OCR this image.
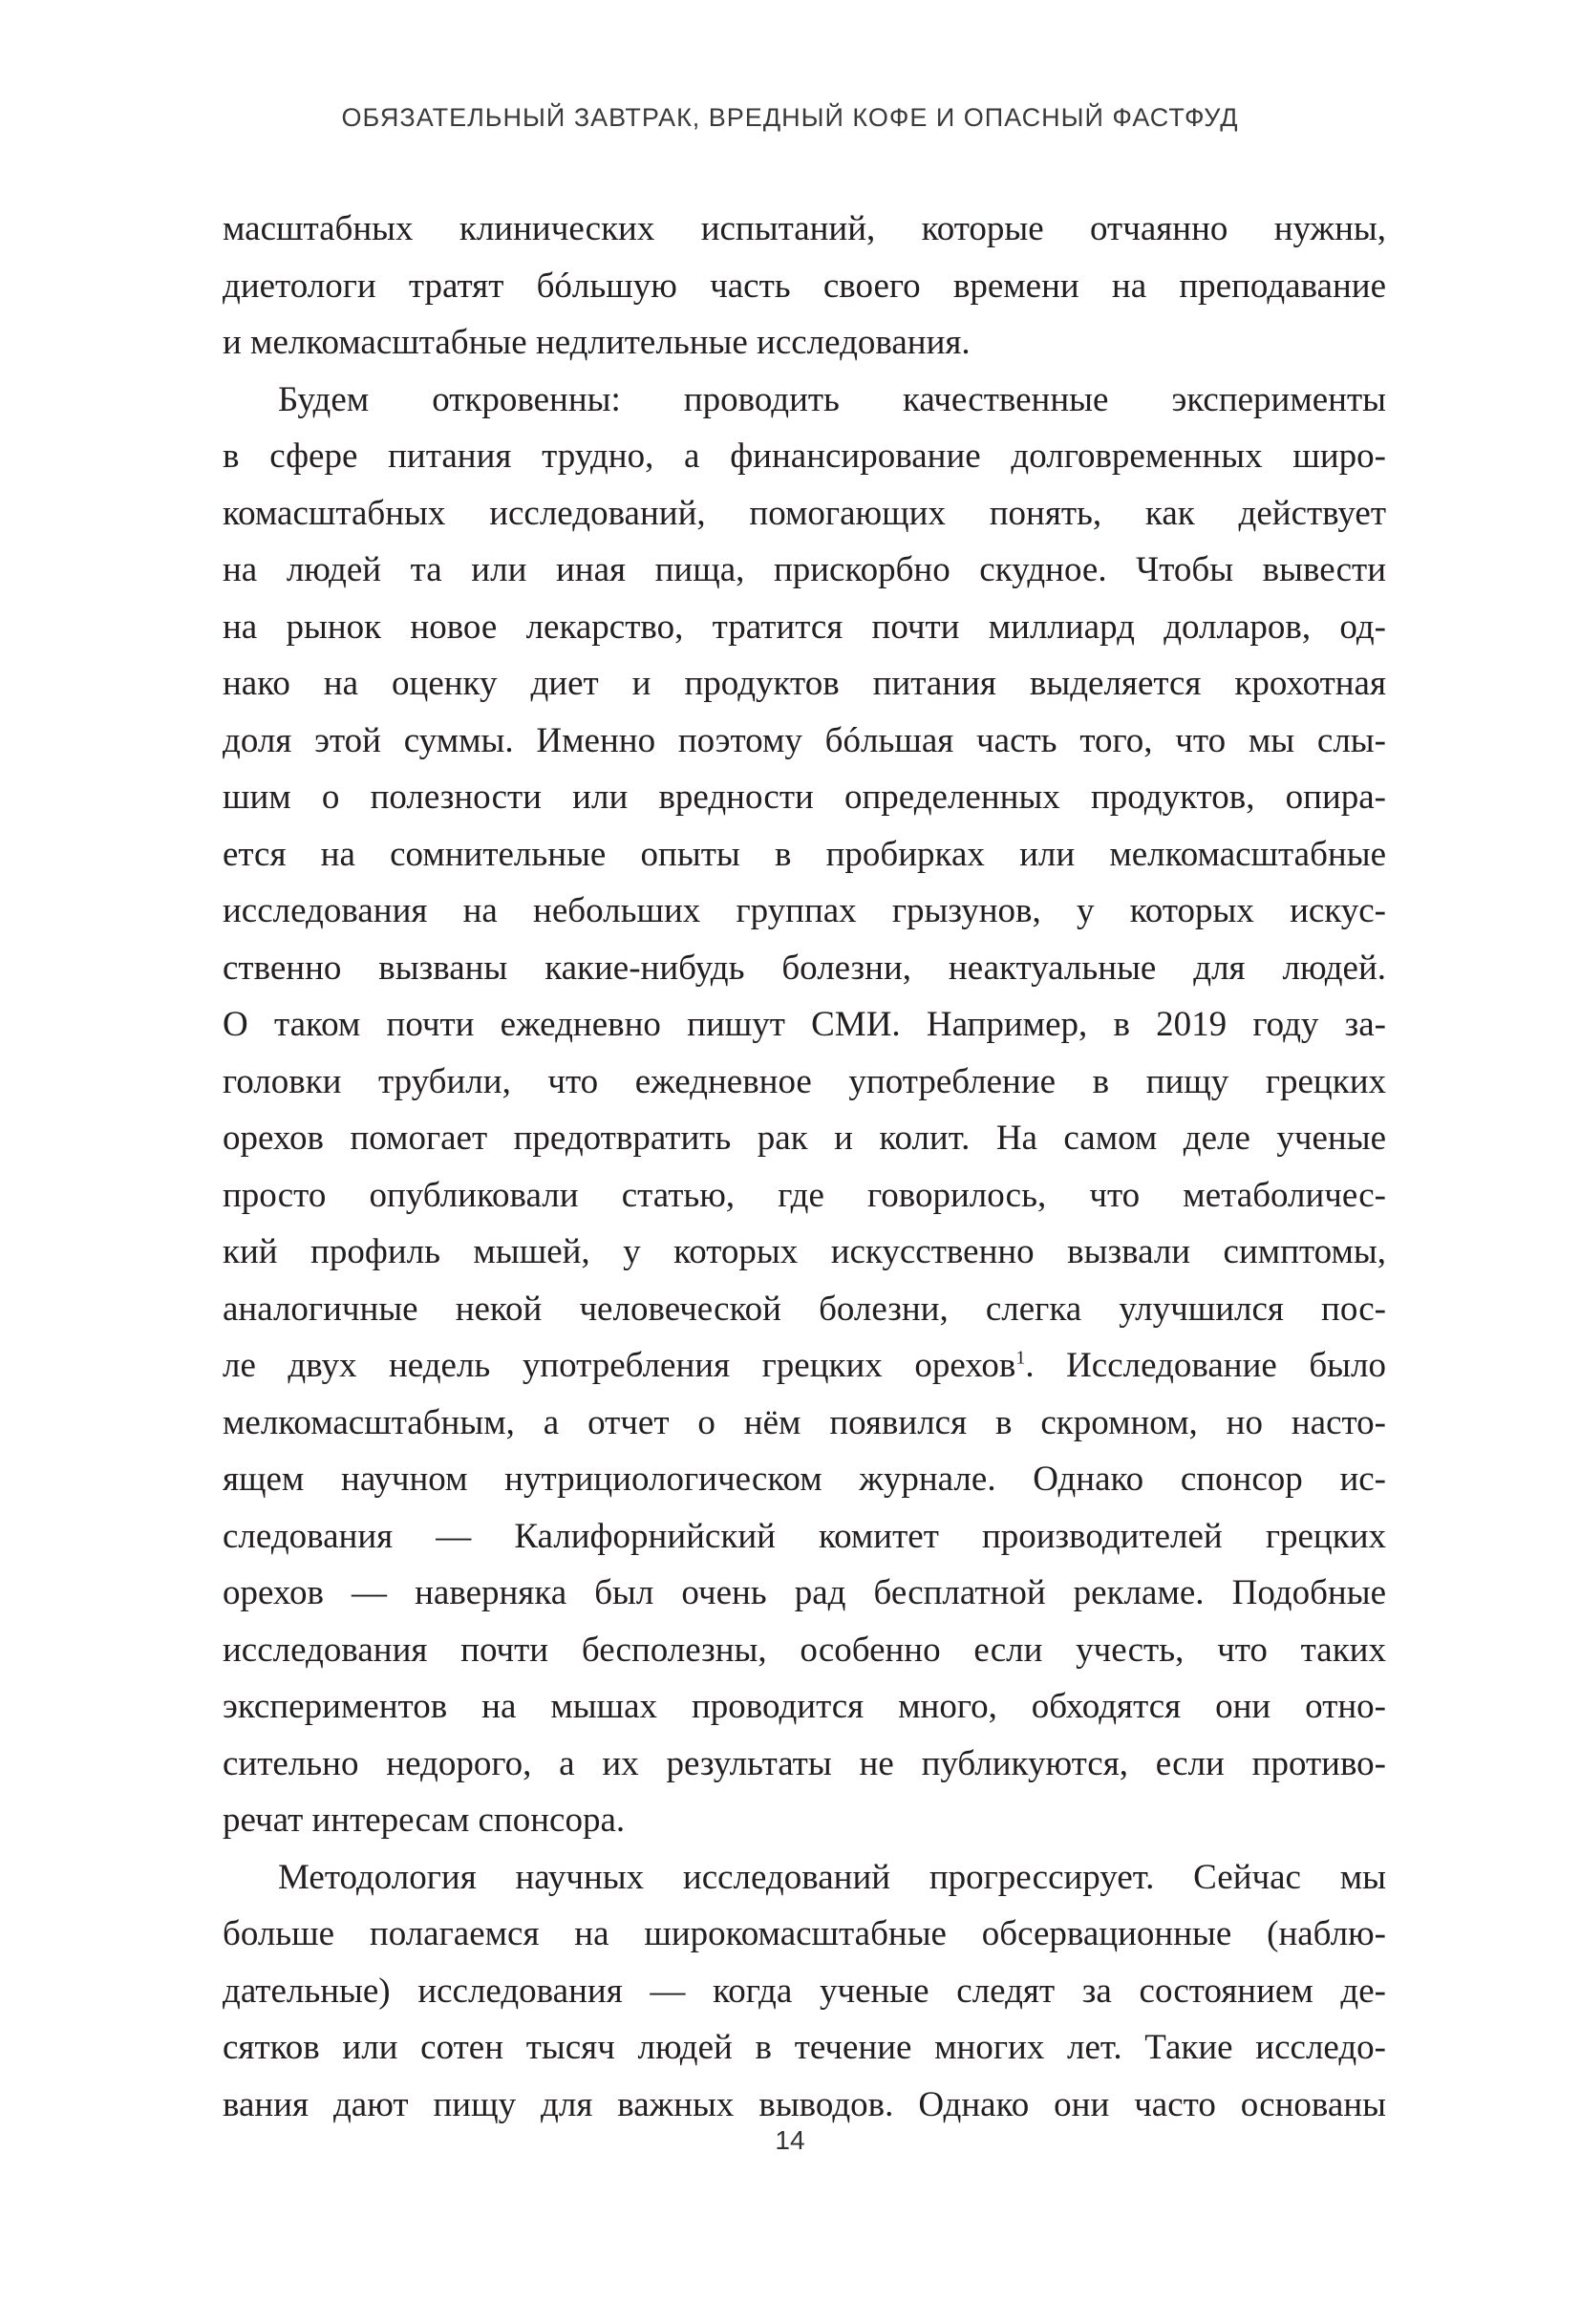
ОБЯЗАТЕЛЬНЫЙ ЗАВТРАК, ВРЕДНЫЙ КОФЕ И ОПАСНЫЙ ФАСТФУД
масштабных клинических испытаний, которые отчаянно нужны,
диетологи тратят бóльшую часть своего времени на преподавание
и мелкомасштабные недлительные исследования.
Будем откровенны: проводить качественные эксперименты
в сфере питания трудно, а финансирование долговременных широ-
комасштабных исследований, помогающих понять, как действует
на людей та или иная пища, прискорбно скудное. Чтобы вывести
на рынок новое лекарство, тратится почти миллиард долларов, од-
нако на оценку диет и продуктов питания выделяется крохотная
доля этой суммы. Именно поэтому бóльшая часть того, что мы слы-
шим о полезности или вредности определенных продуктов, опира-
ется на сомнительные опыты в пробирках или мелкомасштабные
исследования на небольших группах грызунов, у которых искус-
ственно вызваны какие-нибудь болезни, неактуальные для людей.
О таком почти ежедневно пишут СМИ. Например, в 2019 году за-
головки трубили, что ежедневное употребление в пищу грецких
орехов помогает предотвратить рак и колит. На самом деле ученые
просто опубликовали статью, где говорилось, что метаболичес-
кий профиль мышей, у которых искусственно вызвали симптомы,
аналогичные некой человеческой болезни, слегка улучшился пос-
ле двух недель употребления грецких орехов$^1$. Исследование было
мелкомасштабным, а отчет о нём появился в скромном, но насто-
ящем научном нутрициологическом журнале. Однако спонсор ис-
следования — Калифорнийский комитет производителей грецких
орехов — наверняка был очень рад бесплатной рекламе. Подобные
исследования почти бесполезны, особенно если учесть, что таких
экспериментов на мышах проводится много, обходятся они отно-
сительно недорого, а их результаты не публикуются, если противо-
речат интересам спонсора.
Методология научных исследований прогрессирует. Сейчас мы
больше полагаемся на широкомасштабные обсервационные (наблю-
дательные) исследования — когда ученые следят за состоянием де-
сятков или сотен тысяч людей в течение многих лет. Такие исследо-
вания дают пищу для важных выводов. Однако они часто основаны
14
